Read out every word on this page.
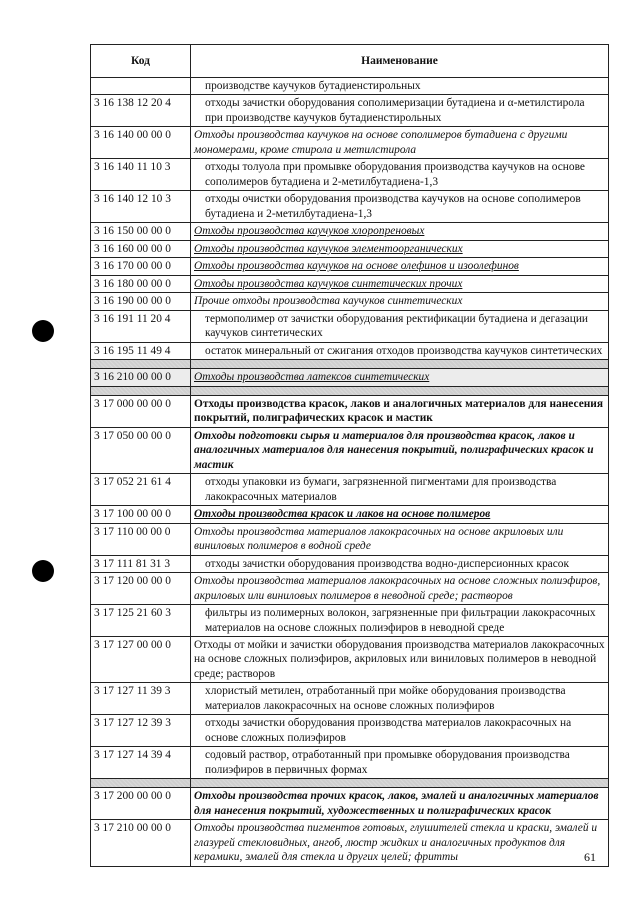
Код	Наименование
	производстве каучуков бутадиенстирольных
3 16 138 12 20 4	отходы зачистки оборудования сополимеризации бутадиена и α-метилстирола при производстве каучуков бутадиенстирольных
3 16 140 00 00 0	Отходы производства каучуков на основе сополимеров бутадиена с другими мономерами, кроме стирола и метилстирола
3 16 140 11 10 3	отходы толуола при промывке оборудования производства каучуков на основе сополимеров бутадиена и 2-метилбутадиена-1,3
3 16 140 12 10 3	отходы очистки оборудования производства каучуков на основе сополимеров бутадиена и 2-метилбутадиена-1,3
3 16 150 00 00 0	Отходы производства каучуков хлоропреновых
3 16 160 00 00 0	Отходы производства каучуков элементоорганических
3 16 170 00 00 0	Отходы производства каучуков на основе олефинов и изоолефинов
3 16 180 00 00 0	Отходы производства каучуков синтетических прочих
3 16 190 00 00 0	Прочие отходы производства каучуков синтетических
3 16 191 11 20 4	термополимер от зачистки оборудования ректификации бутадиена и дегазации каучуков синтетических
3 16 195 11 49 4	остаток минеральный от сжигания отходов производства каучуков синтетических

3 16 210 00 00 0	Отходы производства латексов синтетических

3 17 000 00 00 0	Отходы производства красок, лаков и аналогичных материалов для нанесения покрытий, полиграфических красок и мастик
3 17 050 00 00 0	Отходы подготовки сырья и материалов для производства красок, лаков и аналогичных материалов для нанесения покрытий, полиграфических красок и мастик
3 17 052 21 61 4	отходы упаковки из бумаги, загрязненной пигментами для производства лакокрасочных материалов
3 17 100 00 00 0	Отходы производства красок и лаков на основе полимеров
3 17 110 00 00 0	Отходы производства материалов лакокрасочных на основе акриловых или виниловых полимеров в водной среде
3 17 111 81 31 3	отходы зачистки оборудования производства водно-дисперсионных красок
3 17 120 00 00 0	Отходы производства материалов лакокрасочных на основе сложных полиэфиров, акриловых или виниловых полимеров в неводной среде; растворов
3 17 125 21 60 3	фильтры из полимерных волокон, загрязненные при фильтрации лакокрасочных материалов на основе сложных полиэфиров в неводной среде
3 17 127 00 00 0	Отходы от мойки и зачистки оборудования производства материалов лакокрасочных на основе сложных полиэфиров, акриловых или виниловых полимеров в неводной среде; растворов
3 17 127 11 39 3	хлористый метилен, отработанный при мойке оборудования производства материалов лакокрасочных на основе сложных полиэфиров
3 17 127 12 39 3	отходы зачистки оборудования производства материалов лакокрасочных на основе сложных полиэфиров
3 17 127 14 39 4	содовый раствор, отработанный при промывке оборудования производства полиэфиров в первичных формах

3 17 200 00 00 0	Отходы производства прочих красок, лаков, эмалей и аналогичных материалов для нанесения покрытий, художественных и полиграфических красок
3 17 210 00 00 0	Отходы производства пигментов готовых, глушителей стекла и краски, эмалей и глазурей стекловидных, ангоб, люстр жидких и аналогичных продуктов для керамики, эмалей для стекла и других целей; фритты	61
